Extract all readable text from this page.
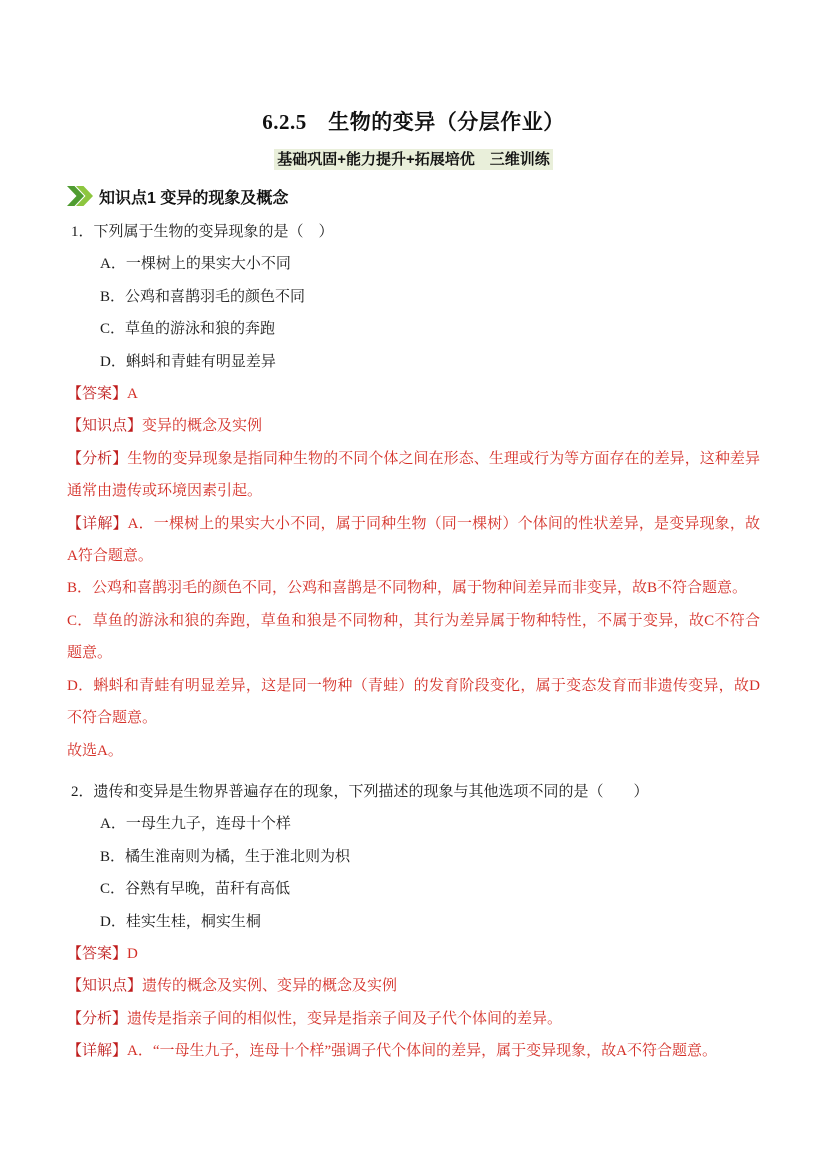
6.2.5　生物的变异（分层作业）
基础巩固+能力提升+拓展培优　三维训练
知识点1 变异的现象及概念

1．下列属于生物的变异现象的是（　）

A．一棵树上的果实大小不同

B．公鸡和喜鹊羽毛的颜色不同

C．草鱼的游泳和狼的奔跑

D．蝌蚪和青蛙有明显差异

【答案】A

【知识点】变异的概念及实例

【分析】生物的变异现象是指同种生物的不同个体之间在形态、生理或行为等方面存在的差异，这种差异通常由遗传或环境因素引起。

【详解】A．一棵树上的果实大小不同，属于同种生物（同一棵树）个体间的性状差异，是变异现象，故A符合题意。

B．公鸡和喜鹊羽毛的颜色不同，公鸡和喜鹊是不同物种，属于物种间差异而非变异，故B不符合题意。

C．草鱼的游泳和狼的奔跑，草鱼和狼是不同物种，其行为差异属于物种特性，不属于变异，故C不符合题意。

D．蝌蚪和青蛙有明显差异，这是同一物种（青蛙）的发育阶段变化，属于变态发育而非遗传变异，故D不符合题意。

故选A。

2．遗传和变异是生物界普遍存在的现象，下列描述的现象与其他选项不同的是（　　）

A．一母生九子，连母十个样

B．橘生淮南则为橘，生于淮北则为枳

C．谷熟有早晚，苗秆有高低

D．桂实生桂，桐实生桐

【答案】D

【知识点】遗传的概念及实例、变异的概念及实例

【分析】遗传是指亲子间的相似性，变异是指亲子间及子代个体间的差异。

【详解】A．“一母生九子，连母十个样”强调子代个体间的差异，属于变异现象，故A不符合题意。
